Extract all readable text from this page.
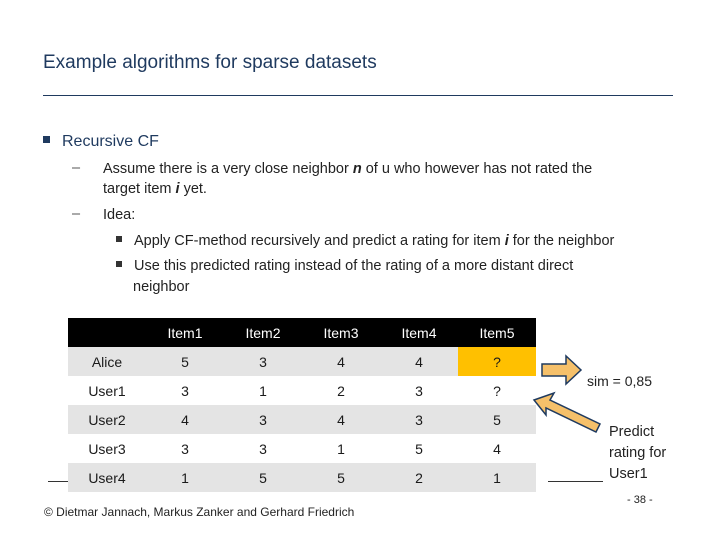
Example algorithms for sparse datasets
Recursive CF
– Assume there is a very close neighbor n of u who however has not rated the
target item i yet.
– Idea:
Apply CF-method recursively and predict a rating for item i for the neighbor
Use this predicted rating instead of the rating of a more distant direct
neighbor
	Item1	Item2	Item3	Item4	Item5
Alice	5	3	4	4	?
User1	3	1	2	3	?
User2	4	3	4	3	5
User3	3	3	1	5	4
User4	1	5	5	2	1
sim = 0,85
Predict
rating for
User1
© Dietmar Jannach, Markus Zanker and Gerhard Friedrich
- 38 -
